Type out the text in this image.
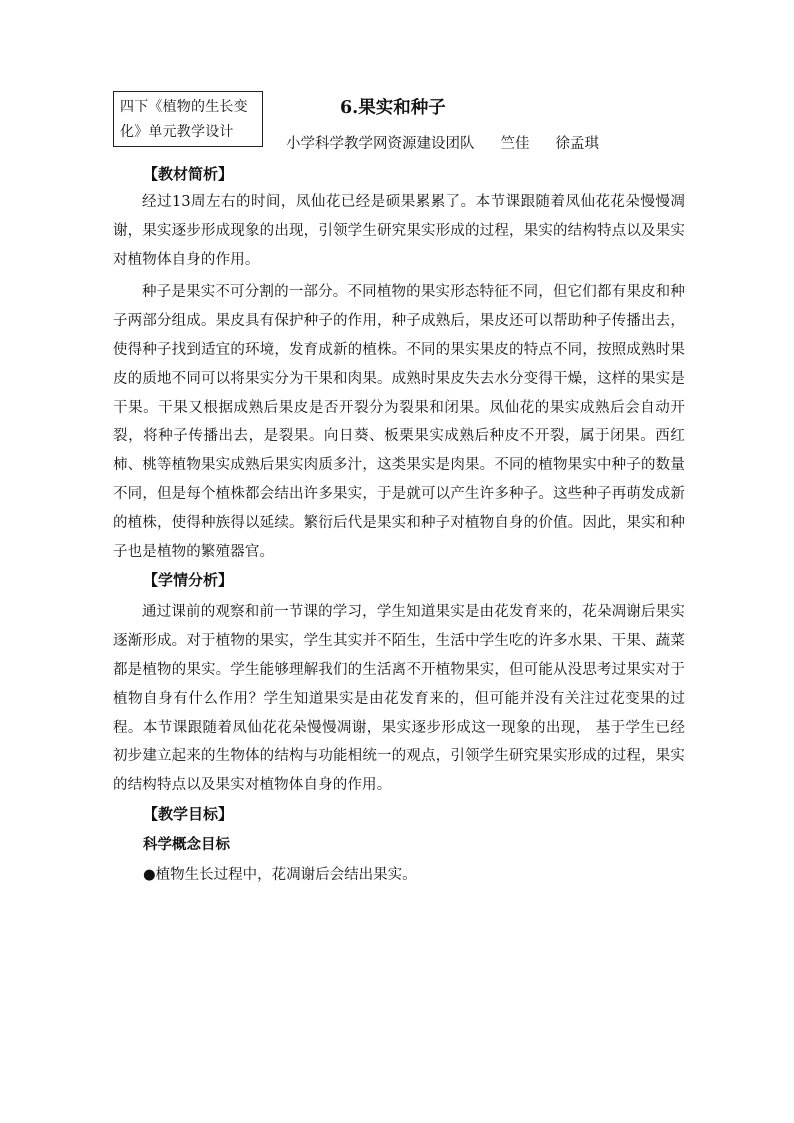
四下《植物的生长变
化》单元教学设计
6.果实和种子
小学科学教学网资源建设团队 竺佳 徐孟琪
【教材简析】

经过13周左右的时间，凤仙花已经是硕果累累了。本节课跟随着凤仙花花朵慢慢凋谢，果实逐步形成现象的出现，引领学生研究果实形成的过程，果实的结构特点以及果实对植物体自身的作用。

种子是果实不可分割的一部分。不同植物的果实形态特征不同，但它们都有果皮和种子两部分组成。果皮具有保护种子的作用，种子成熟后，果皮还可以帮助种子传播出去，使得种子找到适宜的环境，发育成新的植株。不同的果实果皮的特点不同，按照成熟时果皮的质地不同可以将果实分为干果和肉果。成熟时果皮失去水分变得干燥，这样的果实是干果。干果又根据成熟后果皮是否开裂分为裂果和闭果。凤仙花的果实成熟后会自动开裂，将种子传播出去，是裂果。向日葵、板栗果实成熟后种皮不开裂，属于闭果。西红柿、桃等植物果实成熟后果实肉质多汁，这类果实是肉果。不同的植物果实中种子的数量不同，但是每个植株都会结出许多果实，于是就可以产生许多种子。这些种子再萌发成新的植株，使得种族得以延续。繁衍后代是果实和种子对植物自身的价值。因此，果实和种子也是植物的繁殖器官。

【学情分析】

通过课前的观察和前一节课的学习，学生知道果实是由花发育来的，花朵凋谢后果实逐渐形成。对于植物的果实，学生其实并不陌生，生活中学生吃的许多水果、干果、蔬菜都是植物的果实。学生能够理解我们的生活离不开植物果实，但可能从没思考过果实对于植物自身有什么作用？学生知道果实是由花发育来的，但可能并没有关注过花变果的过程。本节课跟随着凤仙花花朵慢慢凋谢，果实逐步形成这一现象的出现， 基于学生已经初步建立起来的生物体的结构与功能相统一的观点，引领学生研究果实形成的过程，果实的结构特点以及果实对植物体自身的作用。

【教学目标】
科学概念目标
●植物生长过程中，花凋谢后会结出果实。
